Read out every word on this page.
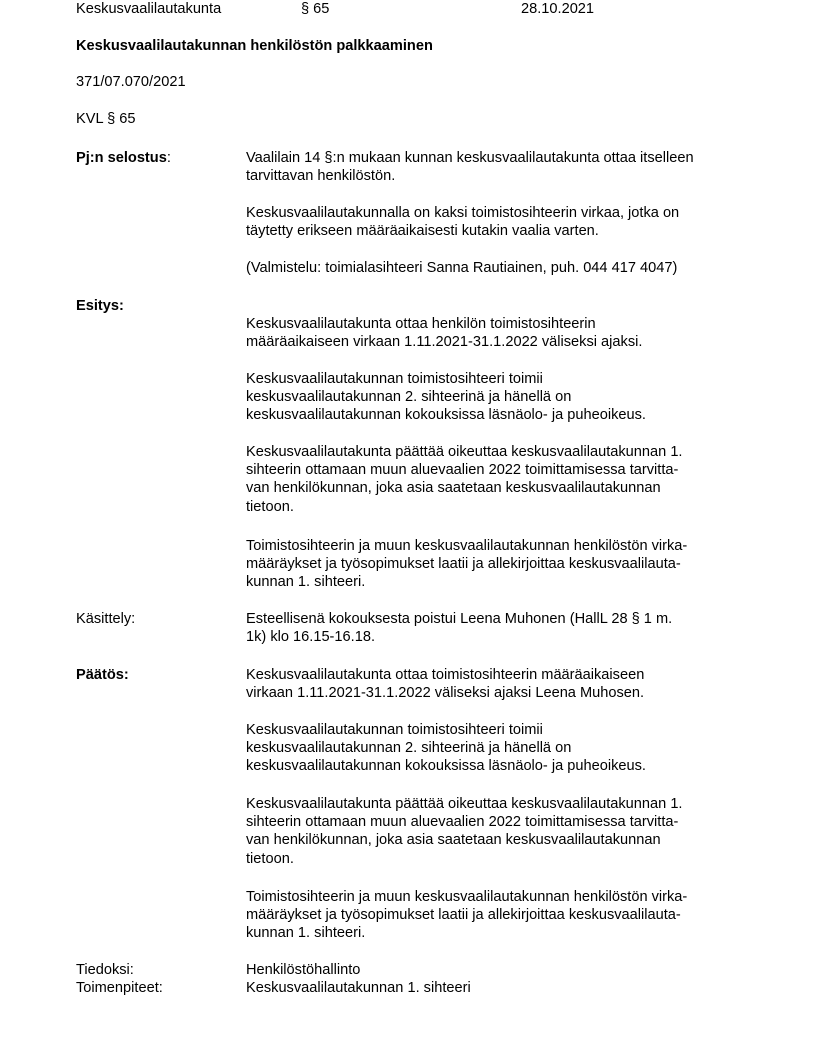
Keskusvaalilautakunta	§ 65	28.10.2021
Keskusvaalilautakunnan henkilöstön palkkaaminen
371/07.070/2021
KVL § 65
Pj:n selostus:	Vaalilain 14 §:n mukaan kunnan keskusvaalilautakunta ottaa itselleen
tarvittavan henkilöstön.
Keskusvaalilautakunnalla on kaksi toimistosihteerin virkaa, jotka on
täytetty erikseen määräaikaisesti kutakin vaalia varten.
(Valmistelu: toimialasihteeri Sanna Rautiainen, puh. 044 417 4047)
Esitys:
Keskusvaalilautakunta ottaa henkilön toimistosihteerin
määräaikaiseen virkaan 1.11.2021-31.1.2022 väliseksi ajaksi.
Keskusvaalilautakunnan toimistosihteeri toimii
keskusvaalilautakunnan 2. sihteerinä ja hänellä on
keskusvaalilautakunnan kokouksissa läsnäolo- ja puheoikeus.
Keskusvaalilautakunta päättää oikeuttaa keskusvaalilautakunnan 1.
sihteerin ottamaan muun aluevaalien 2022 toimittamisessa tarvitta-
van henkilökunnan, joka asia saatetaan keskusvaalilautakunnan
tietoon.
Toimistosihteerin ja muun keskusvaalilautakunnan henkilöstön virka-
määräykset ja työsopimukset laatii ja allekirjoittaa keskusvaalilauta-
kunnan 1. sihteeri.
Käsittely:	Esteellisenä kokouksesta poistui Leena Muhonen (HallL 28 § 1 m.
1k) klo 16.15-16.18.
Päätös:	Keskusvaalilautakunta ottaa toimistosihteerin määräaikaiseen
virkaan 1.11.2021-31.1.2022 väliseksi ajaksi Leena Muhosen.
Keskusvaalilautakunnan toimistosihteeri toimii
keskusvaalilautakunnan 2. sihteerinä ja hänellä on
keskusvaalilautakunnan kokouksissa läsnäolo- ja puheoikeus.
Keskusvaalilautakunta päättää oikeuttaa keskusvaalilautakunnan 1.
sihteerin ottamaan muun aluevaalien 2022 toimittamisessa tarvitta-
van henkilökunnan, joka asia saatetaan keskusvaalilautakunnan
tietoon.
Toimistosihteerin ja muun keskusvaalilautakunnan henkilöstön virka-
määräykset ja työsopimukset laatii ja allekirjoittaa keskusvaalilauta-
kunnan 1. sihteeri.
Tiedoksi:	Henkilöstöhallinto
Toimenpiteet:	Keskusvaalilautakunnan 1. sihteeri
